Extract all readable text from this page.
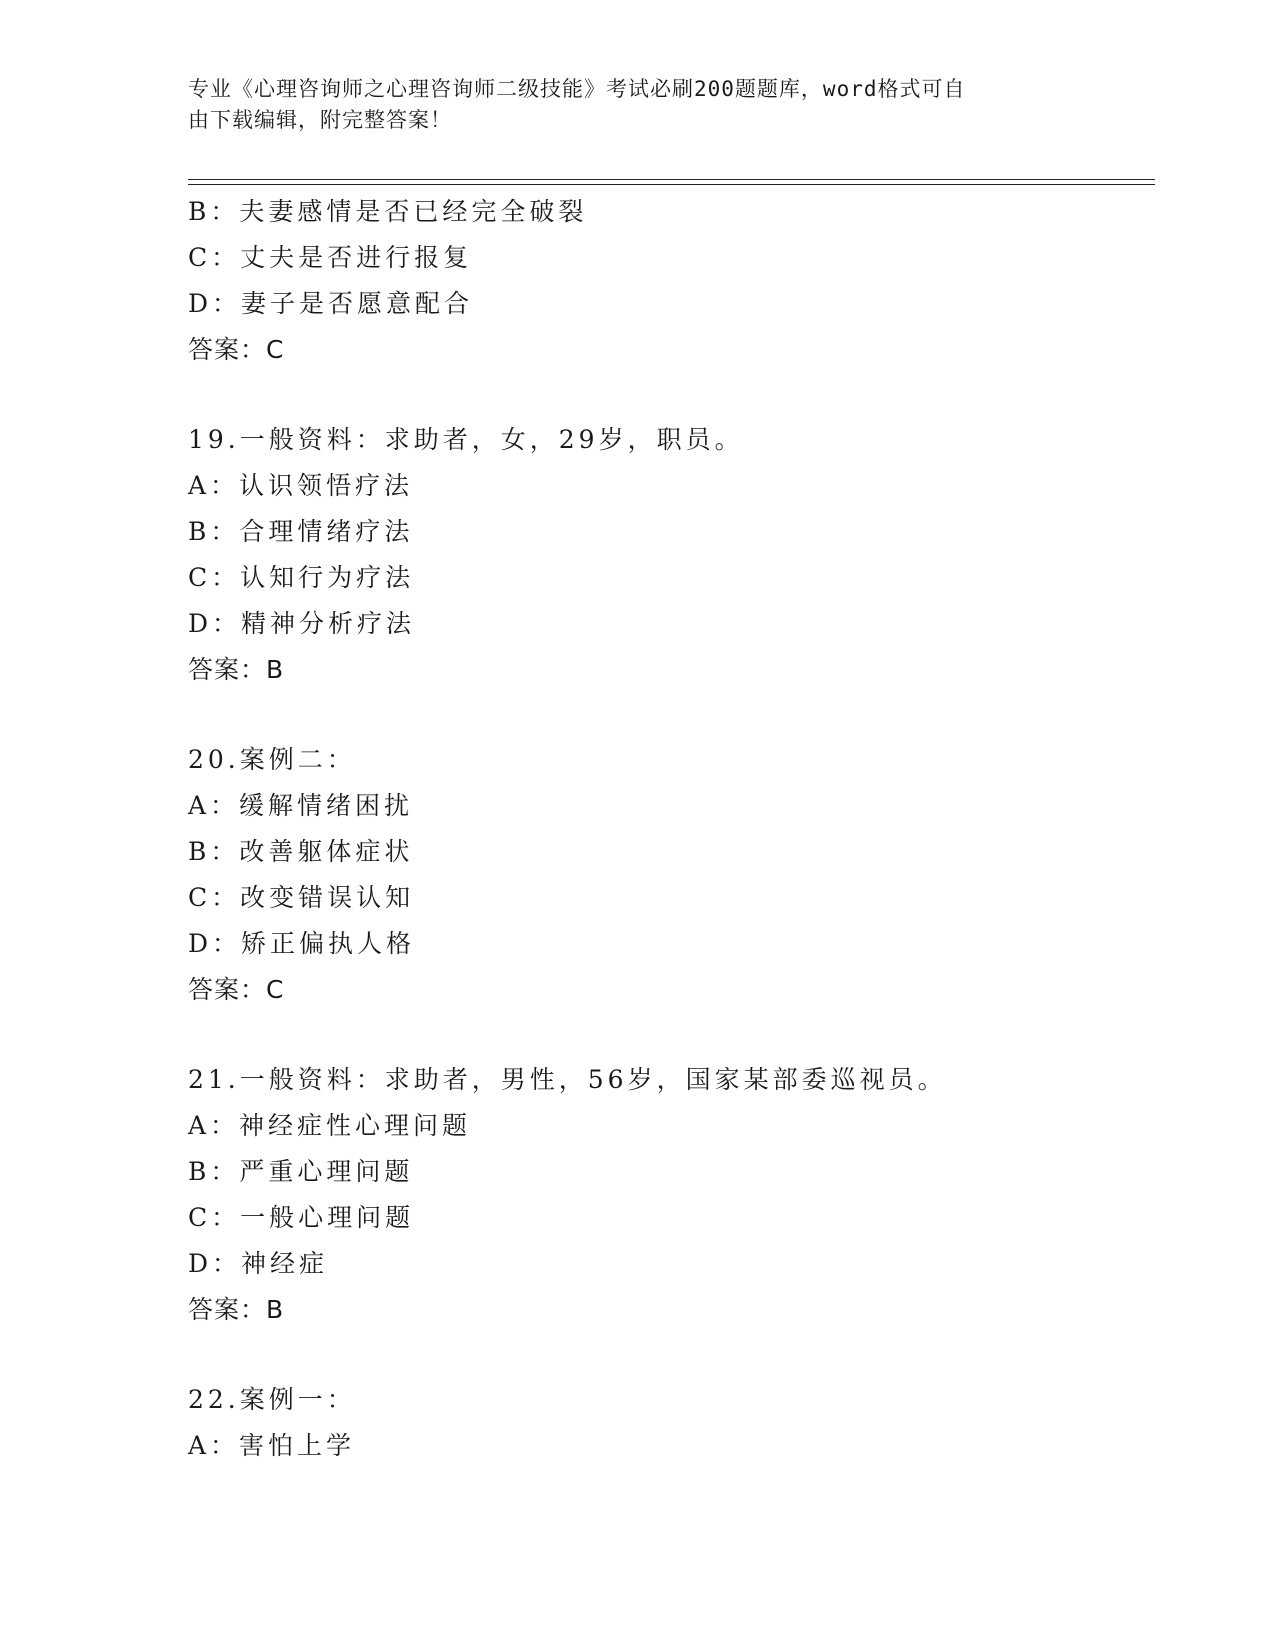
专业《心理咨询师之心理咨询师二级技能》考试必刷200题题库，word格式可自
由下载编辑，附完整答案！
B：夫妻感情是否已经完全破裂
C：丈夫是否进行报复
D：妻子是否愿意配合
答案：C
19.一般资料：求助者，女，29岁，职员。
A：认识领悟疗法
B：合理情绪疗法
C：认知行为疗法
D：精神分析疗法
答案：B
20.案例二：
A：缓解情绪困扰
B：改善躯体症状
C：改变错误认知
D：矫正偏执人格
答案：C
21.一般资料：求助者，男性，56岁，国家某部委巡视员。
A：神经症性心理问题
B：严重心理问题
C：一般心理问题
D：神经症
答案：B
22.案例一：
A：害怕上学
